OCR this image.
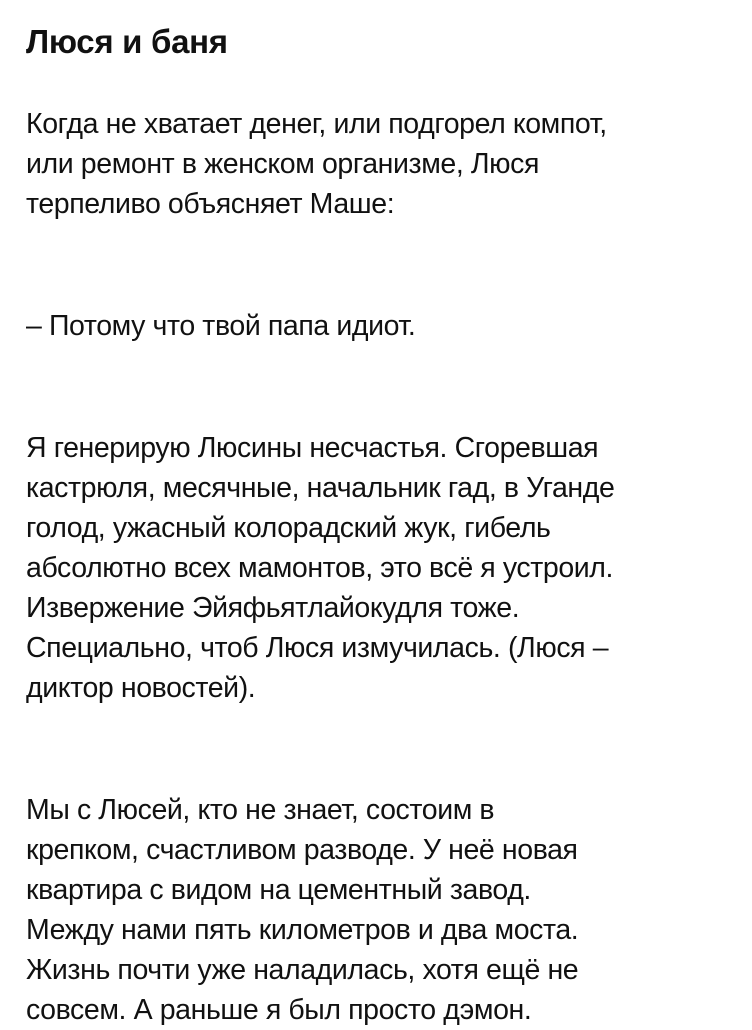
Люся и баня

Когда не хватает денег, или подгорел компот,
или ремонт в женском организме, Люся
терпеливо объясняет Маше:

– Потому что твой папа идиот.

Я генерирую Люсины несчастья. Сгоревшая
кастрюля, месячные, начальник гад, в Уганде
голод, ужасный колорадский жук, гибель
абсолютно всех мамонтов, это всё я устроил.
Извержение Эйяфьятлайокудля тоже.
Специально, чтоб Люся измучилась. (Люся –
диктор новостей).

Мы с Люсей, кто не знает, состоим в
крепком, счастливом разводе. У неё новая
квартира с видом на цементный завод.
Между нами пять километров и два моста.
Жизнь почти уже наладилась, хотя ещё не
совсем. А раньше я был просто дэмон.
